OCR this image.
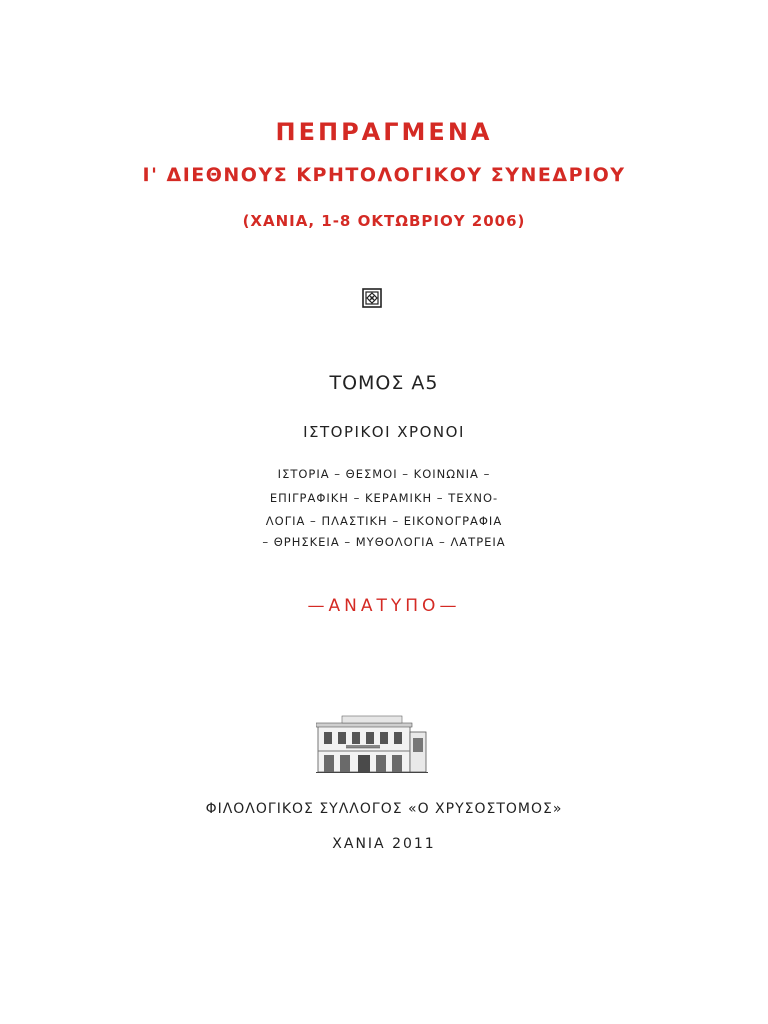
ΠΕΠΡΑΓΜΕΝΑ
Ι' ΔΙΕΘΝΟΥΣ ΚΡΗΤΟΛΟΓΙΚΟΥ ΣΥΝΕΔΡΙΟΥ
(ΧΑΝΙΑ, 1-8 ΟΚΤΩΒΡΙΟΥ 2006)
ΤΟΜΟΣ Α5
ΙΣΤΟΡΙΚΟΙ ΧΡΟΝΟΙ
ΙΣΤΟΡΙΑ – ΘΕΣΜΟΙ – ΚΟΙΝΩΝΙΑ –
ΕΠΙΓΡΑΦΙΚΗ – ΚΕΡΑΜΙΚΗ – ΤΕΧΝΟ-
ΛΟΓΙΑ – ΠΛΑΣΤΙΚΗ – ΕΙΚΟΝΟΓΡΑΦΙΑ
– ΘΡΗΣΚΕΙΑ – ΜΥΘΟΛΟΓΙΑ – ΛΑΤΡΕΙΑ
—ΑΝΑΤΥΠΟ—
ΦΙΛΟΛΟΓΙΚΟΣ ΣΥΛΛΟΓΟΣ «Ο ΧΡΥΣΟΣΤΟΜΟΣ»
ΧΑΝΙΑ 2011
